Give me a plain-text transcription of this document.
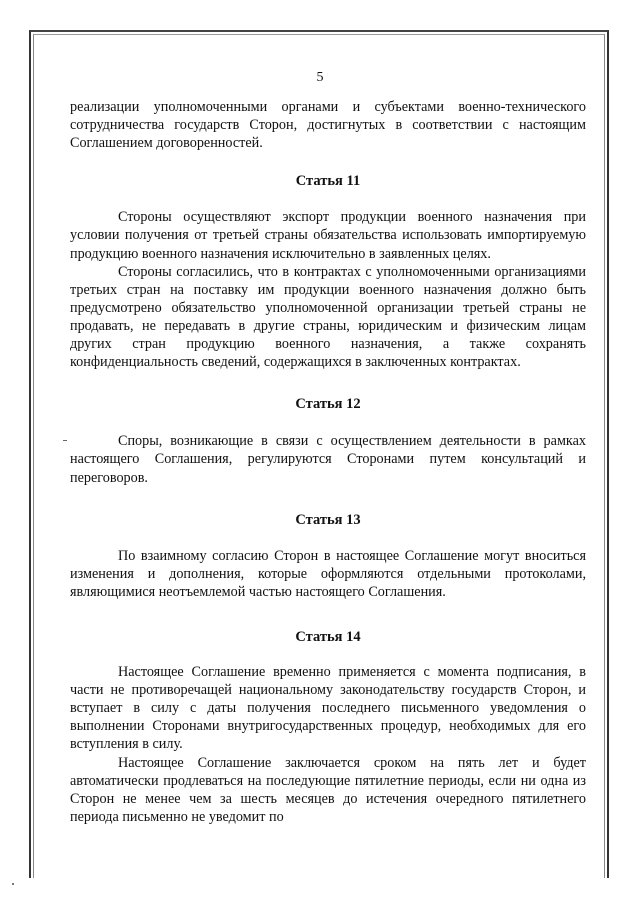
5

реализации уполномоченными органами и субъектами военно-технического сотрудничества государств Сторон, достигнутых в соответствии с настоящим Соглашением договоренностей.

Статья 11

Стороны осуществляют экспорт продукции военного назначения при условии получения от третьей страны обязательства использовать импортируемую продукцию военного назначения исключительно в заявленных целях.

Стороны согласились, что в контрактах с уполномоченными организациями третьих стран на поставку им продукции военного назначения должно быть предусмотрено обязательство уполномоченной организации третьей страны не продавать, не передавать в другие страны, юридическим и физическим лицам других стран продукцию военного назначения, а также сохранять конфиденциальность сведений, содержащихся в заключенных контрактах.

Статья 12

Споры, возникающие в связи с осуществлением деятельности в рамках настоящего Соглашения, регулируются Сторонами путем консультаций и переговоров.

Статья 13

По взаимному согласию Сторон в настоящее Соглашение могут вноситься изменения и дополнения, которые оформляются отдельными протоколами, являющимися неотъемлемой частью настоящего Соглашения.

Статья 14

Настоящее Соглашение временно применяется с момента подписания, в части не противоречащей национальному законодательству государств Сторон, и вступает в силу с даты получения последнего письменного уведомления о выполнении Сторонами внутригосударственных процедур, необходимых для его вступления в силу.

Настоящее Соглашение заключается сроком на пять лет и будет автоматически продлеваться на последующие пятилетние периоды, если ни одна из Сторон не менее чем за шесть месяцев до истечения очередного пятилетнего периода письменно не уведомит по
